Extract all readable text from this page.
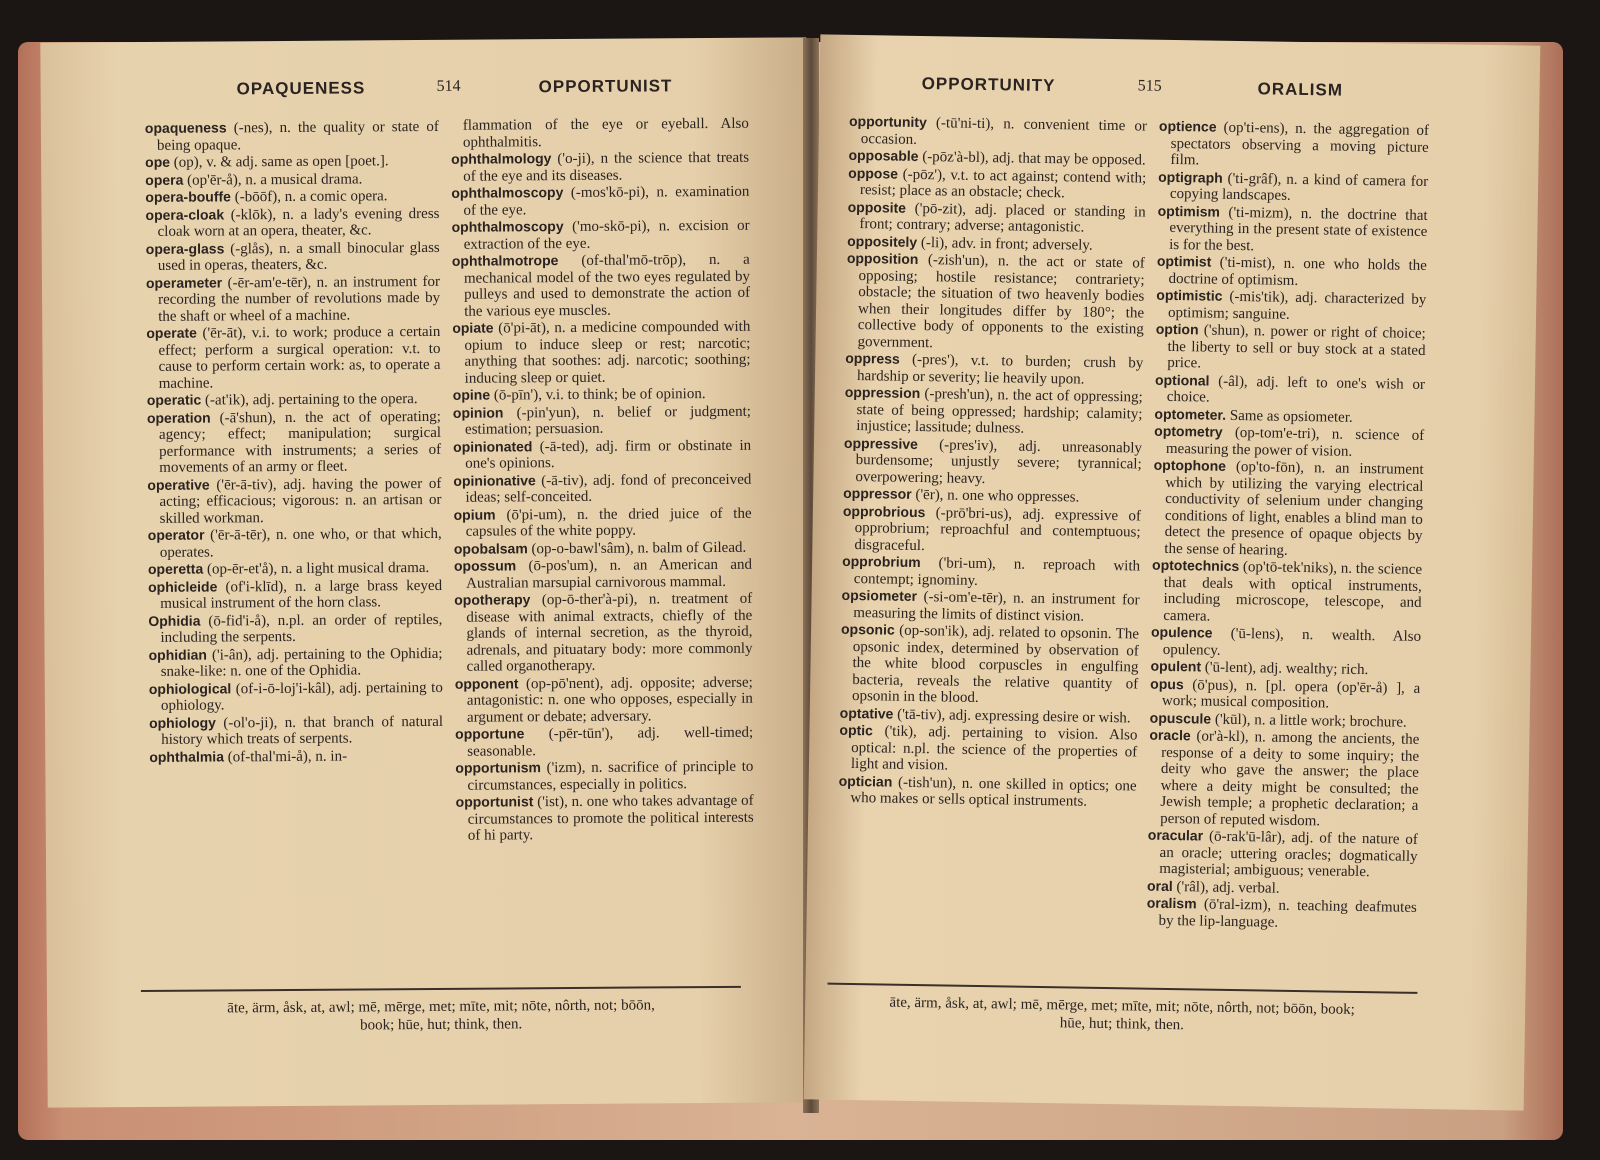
OPAQUENESS	514	OPPORTUNIST

opaqueness (-nes), n. the quality or state of being opaque.

ope (op), v. & adj. same as open [poet.].

opera (op'ēr-å), n. a musical drama.

opera-bouffe (-bōōf), n. a comic opera.

opera-cloak (-klōk), n. a lady's evening dress cloak worn at an opera, theater, &c.

opera-glass (-glås), n. a small binocular glass used in operas, theaters, &c.

operameter (-ēr-am'e-tēr), n. an instrument for recording the number of revolutions made by the shaft or wheel of a machine.

operate ('ēr-āt), v.i. to work; produce a certain effect; perform a surgical operation: v.t. to cause to perform certain work: as, to operate a machine.

operatic (-at'ik), adj. pertaining to the opera.

operation (-ā'shun), n. the act of operating; agency; effect; manipulation; surgical performance with instruments; a series of movements of an army or fleet.

operative ('ēr-ā-tiv), adj. having the power of acting; efficacious; vigorous: n. an artisan or skilled workman.

operator ('ēr-ā-tēr), n. one who, or that which, operates.

operetta (op-ēr-et'å), n. a light musical drama.

ophicleide (of'i-klīd), n. a large brass keyed musical instrument of the horn class.

Ophidia (ō-fid'i-å), n.pl. an order of reptiles, including the serpents.

ophidian ('i-ân), adj. pertaining to the Ophidia; snake-like: n. one of the Ophidia.

ophiological (of-i-ō-loj'i-kâl), adj. pertaining to ophiology.

ophiology (-ol'o-ji), n. that branch of natural history which treats of serpents.

ophthalmia (of-thal'mi-å), n. in-

flammation of the eye or eyeball. Also ophthalmitis.

ophthalmology ('o-ji), n the science that treats of the eye and its diseases.

ophthalmoscopy (-mos'kō-pi), n. examination of the eye.

ophthalmoscopy ('mo-skō-pi), n. excision or extraction of the eye.

ophthalmotrope (of-thal'mō-trōp), n. a mechanical model of the two eyes regulated by pulleys and used to demonstrate the action of the various eye muscles.

opiate (ō'pi-āt), n. a medicine compounded with opium to induce sleep or rest; narcotic; anything that soothes: adj. narcotic; soothing; inducing sleep or quiet.

opine (ō-pīn'), v.i. to think; be of opinion.

opinion (-pin'yun), n. belief or judgment; estimation; persuasion.

opinionated (-ā-ted), adj. firm or obstinate in one's opinions.

opinionative (-ā-tiv), adj. fond of preconceived ideas; self-conceited.

opium (ō'pi-um), n. the dried juice of the capsules of the white poppy.

opobalsam (op-o-bawl'sâm), n. balm of Gilead.

opossum (ō-pos'um), n. an American and Australian marsupial carnivorous mammal.

opotherapy (op-ō-ther'à-pi), n. treatment of disease with animal extracts, chiefly of the glands of internal secretion, as the thyroid, adrenals, and pituatary body: more commonly called organotherapy.

opponent (op-pō'nent), adj. opposite; adverse; antagonistic: n. one who opposes, especially in argument or debate; adversary.

opportune (-pēr-tūn'), adj. well-timed; seasonable.

opportunism ('izm), n. sacrifice of principle to circumstances, especially in politics.

opportunist ('ist), n. one who takes advantage of circumstances to promote the political interests of hi party.

āte, ärm, åsk, at, awl; mē, mērge, met; mīte, mit; nōte, nôrth, not; bōōn,
book; hūe, hut; think, then.
OPPORTUNITY	515	ORALISM

opportunity (-tū'ni-ti), n. convenient time or occasion.

opposable (-pōz'à-bl), adj. that may be opposed.

oppose (-pōz'), v.t. to act against; contend with; resist; place as an obstacle; check.

opposite ('pō-zit), adj. placed or standing in front; contrary; adverse; antagonistic.

oppositely (-li), adv. in front; adversely.

opposition (-zish'un), n. the act or state of opposing; hostile resistance; contrariety; obstacle; the situation of two heavenly bodies when their longitudes differ by 180°; the collective body of opponents to the existing government.

oppress (-pres'), v.t. to burden; crush by hardship or severity; lie heavily upon.

oppression (-presh'un), n. the act of oppressing; state of being oppressed; hardship; calamity; injustice; lassitude; dulness.

oppressive (-pres'iv), adj. unreasonably burdensome; unjustly severe; tyrannical; overpowering; heavy.

oppressor ('ēr), n. one who oppresses.

opprobrious (-prō'bri-us), adj. expressive of opprobrium; reproachful and contemptuous; disgraceful.

opprobrium ('bri-um), n. reproach with contempt; ignominy.

opsiometer (-si-om'e-tēr), n. an instrument for measuring the limits of distinct vision.

opsonic (op-son'ik), adj. related to opsonin. The opsonic index, determined by observation of the white blood corpuscles in engulfing bacteria, reveals the relative quantity of opsonin in the blood.

optative ('tā-tiv), adj. expressing desire or wish.

optic ('tik), adj. pertaining to vision. Also optical: n.pl. the science of the properties of light and vision.

optician (-tish'un), n. one skilled in optics; one who makes or sells optical instruments.

optience (op'ti-ens), n. the aggregation of spectators observing a moving picture film.

optigraph ('ti-grâf), n. a kind of camera for copying landscapes.

optimism ('ti-mizm), n. the doctrine that everything in the present state of existence is for the best.

optimist ('ti-mist), n. one who holds the doctrine of optimism.

optimistic (-mis'tik), adj. characterized by optimism; sanguine.

option ('shun), n. power or right of choice; the liberty to sell or buy stock at a stated price.

optional (-âl), adj. left to one's wish or choice.

optometer. Same as opsiometer.

optometry (op-tom'e-tri), n. science of measuring the power of vision.

optophone (op'to-fōn), n. an instrument which by utilizing the varying electrical conductivity of selenium under changing conditions of light, enables a blind man to detect the presence of opaque objects by the sense of hearing.

optotechnics (op'tō-tek'niks), n. the science that deals with optical instruments, including microscope, telescope, and camera.

opulence ('ū-lens), n. wealth. Also opulency.

opulent ('ū-lent), adj. wealthy; rich.

opus (ō'pus), n. [pl. opera (op'ēr-å) ], a work; musical composition.

opuscule ('kūl), n. a little work; brochure.

oracle (or'à-kl), n. among the ancients, the response of a deity to some inquiry; the deity who gave the answer; the place where a deity might be consulted; the Jewish temple; a prophetic declaration; a person of reputed wisdom.

oracular (ō-rak'ū-lâr), adj. of the nature of an oracle; uttering oracles; dogmatically magisterial; ambiguous; venerable.

oral ('râl), adj. verbal.

oralism (ō'ral-izm), n. teaching deafmutes by the lip-language.

āte, ärm, åsk, at, awl; mē, mērge, met; mīte, mit; nōte, nôrth, not; bōōn, book;
hūe, hut; think, then.
